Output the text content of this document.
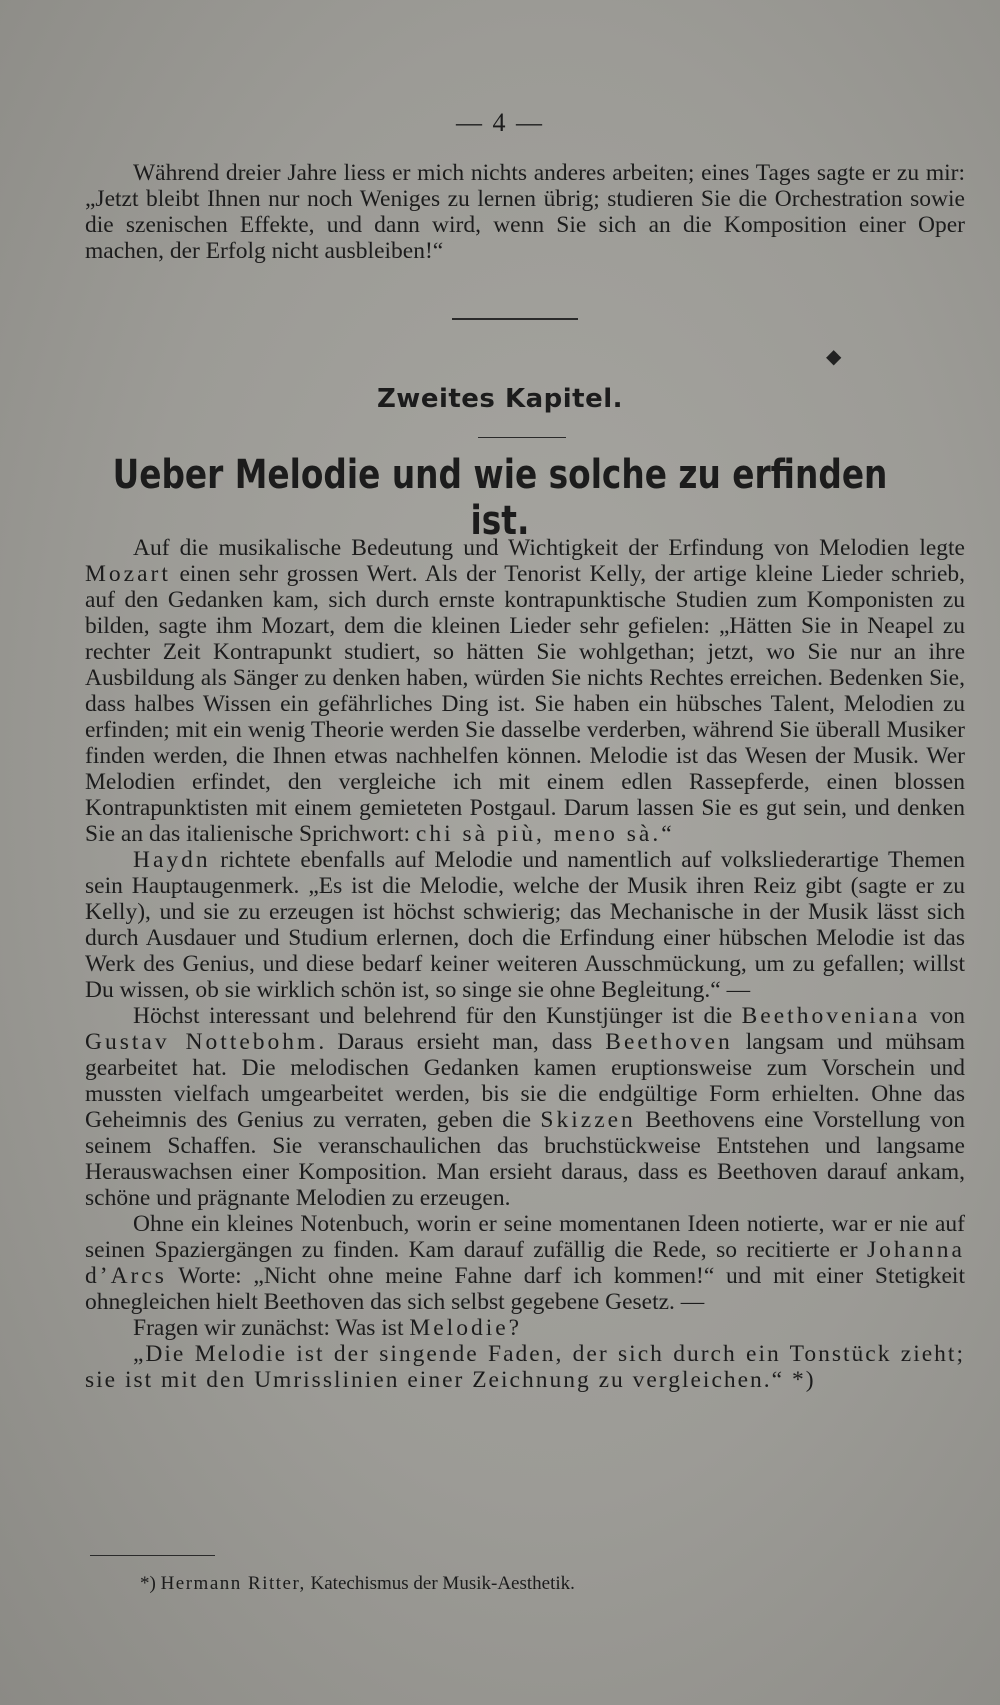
— 4 —

Während dreier Jahre liess er mich nichts anderes arbeiten; eines Tages sagte er zu mir: „Jetzt bleibt Ihnen nur noch Weniges zu lernen übrig; studieren Sie die Orchestration sowie die szenischen Effekte, und dann wird, wenn Sie sich an die Komposition einer Oper machen, der Erfolg nicht ausbleiben!“

◆
Zweites Kapitel.
Ueber Melodie und wie solche zu erfinden ist.

Auf die musikalische Bedeutung und Wichtigkeit der Erfindung von Melodien legte Mozart einen sehr grossen Wert. Als der Tenorist Kelly, der artige kleine Lieder schrieb, auf den Gedanken kam, sich durch ernste kontrapunktische Studien zum Komponisten zu bilden, sagte ihm Mozart, dem die kleinen Lieder sehr gefielen: „Hätten Sie in Neapel zu rechter Zeit Kontrapunkt studiert, so hätten Sie wohlgethan; jetzt, wo Sie nur an ihre Ausbildung als Sänger zu denken haben, würden Sie nichts Rechtes erreichen. Bedenken Sie, dass halbes Wissen ein gefährliches Ding ist. Sie haben ein hübsches Talent, Melodien zu erfinden; mit ein wenig Theorie werden Sie dasselbe verderben, während Sie überall Musiker finden werden, die Ihnen etwas nachhelfen können. Melodie ist das Wesen der Musik. Wer Melodien erfindet, den vergleiche ich mit einem edlen Rassepferde, einen blossen Kontrapunktisten mit einem gemieteten Postgaul. Darum lassen Sie es gut sein, und denken Sie an das italienische Sprichwort: chi sà più, meno sà.“

Haydn richtete ebenfalls auf Melodie und namentlich auf volksliederartige Themen sein Hauptaugenmerk. „Es ist die Melodie, welche der Musik ihren Reiz gibt (sagte er zu Kelly), und sie zu erzeugen ist höchst schwierig; das Mechanische in der Musik lässt sich durch Ausdauer und Studium erlernen, doch die Erfindung einer hübschen Melodie ist das Werk des Genius, und diese bedarf keiner weiteren Ausschmückung, um zu gefallen; willst Du wissen, ob sie wirklich schön ist, so singe sie ohne Begleitung.“ —

Höchst interessant und belehrend für den Kunstjünger ist die Beethoveniana von Gustav Nottebohm. Daraus ersieht man, dass Beethoven langsam und mühsam gearbeitet hat. Die melodischen Gedanken kamen eruptionsweise zum Vorschein und mussten vielfach umgearbeitet werden, bis sie die endgültige Form erhielten. Ohne das Geheimnis des Genius zu verraten, geben die Skizzen Beethovens eine Vorstellung von seinem Schaffen. Sie veranschaulichen das bruchstückweise Entstehen und langsame Herauswachsen einer Komposition. Man ersieht daraus, dass es Beethoven darauf ankam, schöne und prägnante Melodien zu erzeugen.

Ohne ein kleines Notenbuch, worin er seine momentanen Ideen notierte, war er nie auf seinen Spaziergängen zu finden. Kam darauf zufällig die Rede, so recitierte er Johanna d’Arcs Worte: „Nicht ohne meine Fahne darf ich kommen!“ und mit einer Stetigkeit ohnegleichen hielt Beethoven das sich selbst gegebene Gesetz. —

Fragen wir zunächst: Was ist Melodie?

„Die Melodie ist der singende Faden, der sich durch ein Tonstück zieht; sie ist mit den Umrisslinien einer Zeichnung zu vergleichen.“ *)

*) Hermann Ritter, Katechismus der Musik-Aesthetik.
